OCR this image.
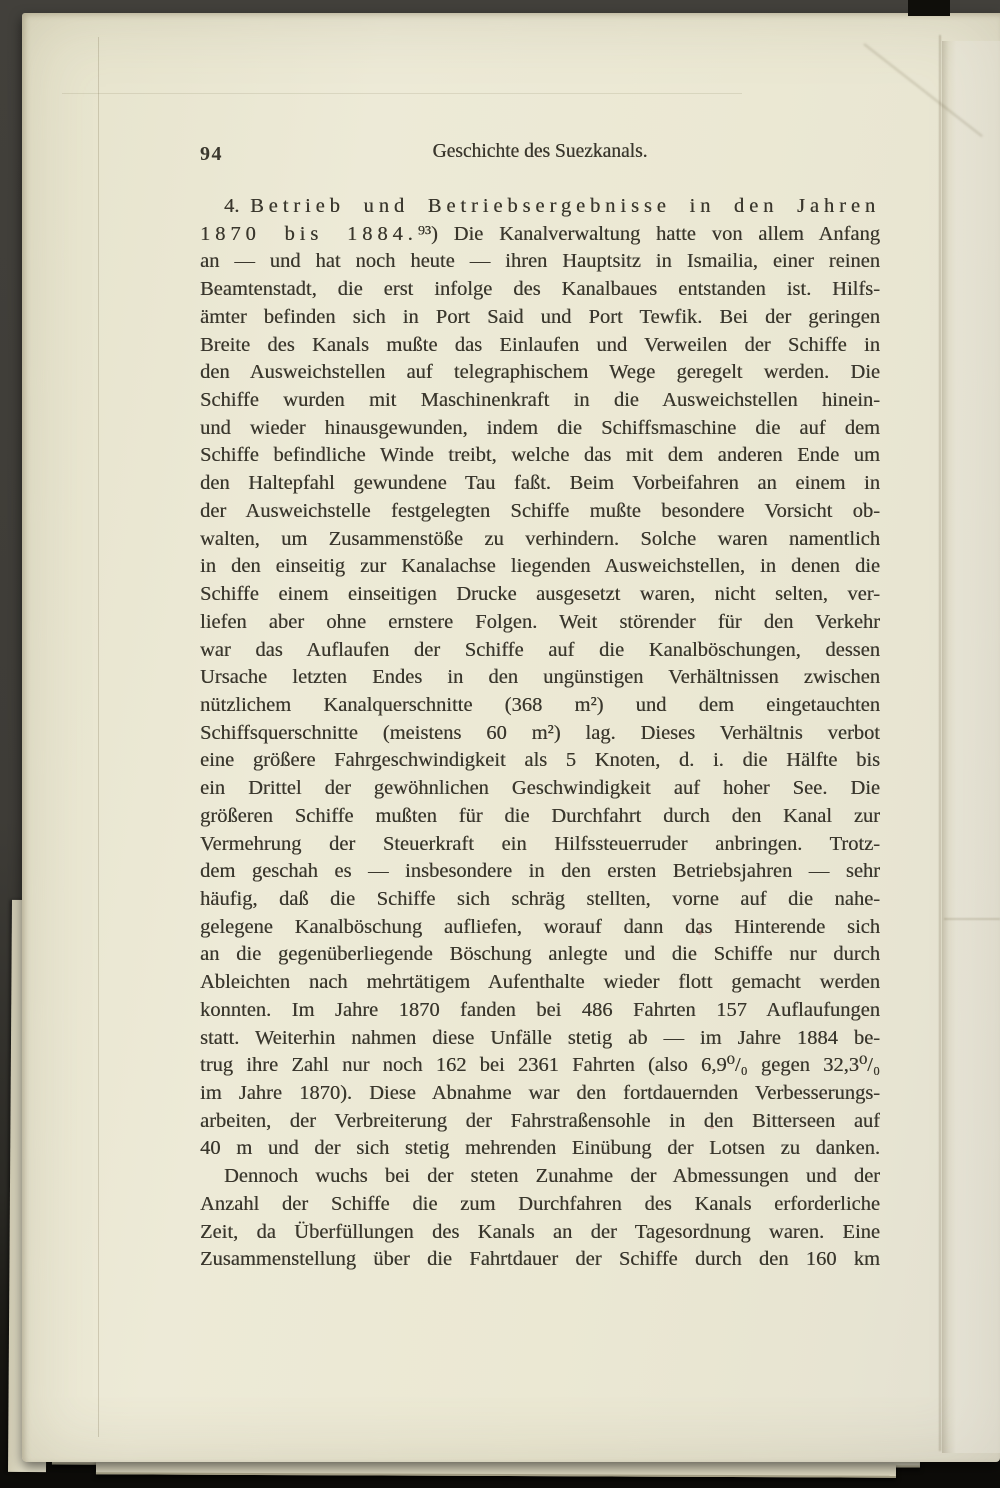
94	Geschichte des Suezkanals.
4. Betrieb und Betriebsergebnisse in den Jahren
1870 bis 1884.⁹³) Die Kanalverwaltung hatte von allem Anfang
an — und hat noch heute — ihren Hauptsitz in Ismailia, einer reinen
Beamtenstadt, die erst infolge des Kanalbaues entstanden ist. Hilfs-
ämter befinden sich in Port Said und Port Tewfik. Bei der geringen
Breite des Kanals mußte das Einlaufen und Verweilen der Schiffe in
den Ausweichstellen auf telegraphischem Wege geregelt werden. Die
Schiffe wurden mit Maschinenkraft in die Ausweichstellen hinein-
und wieder hinausgewunden, indem die Schiffsmaschine die auf dem
Schiffe befindliche Winde treibt, welche das mit dem anderen Ende um
den Haltepfahl gewundene Tau faßt. Beim Vorbeifahren an einem in
der Ausweichstelle festgelegten Schiffe mußte besondere Vorsicht ob-
walten, um Zusammenstöße zu verhindern. Solche waren namentlich
in den einseitig zur Kanalachse liegenden Ausweichstellen, in denen die
Schiffe einem einseitigen Drucke ausgesetzt waren, nicht selten, ver-
liefen aber ohne ernstere Folgen. Weit störender für den Verkehr
war das Auflaufen der Schiffe auf die Kanalböschungen, dessen
Ursache letzten Endes in den ungünstigen Verhältnissen zwischen
nützlichem Kanalquerschnitte (368 m²) und dem eingetauchten
Schiffsquerschnitte (meistens 60 m²) lag. Dieses Verhältnis verbot
eine größere Fahrgeschwindigkeit als 5 Knoten, d. i. die Hälfte bis
ein Drittel der gewöhnlichen Geschwindigkeit auf hoher See. Die
größeren Schiffe mußten für die Durchfahrt durch den Kanal zur
Vermehrung der Steuerkraft ein Hilfssteuerruder anbringen. Trotz-
dem geschah es — insbesondere in den ersten Betriebsjahren — sehr
häufig, daß die Schiffe sich schräg stellten, vorne auf die nahe-
gelegene Kanalböschung aufliefen, worauf dann das Hinterende sich
an die gegenüberliegende Böschung anlegte und die Schiffe nur durch
Ableichten nach mehrtätigem Aufenthalte wieder flott gemacht werden
konnten. Im Jahre 1870 fanden bei 486 Fahrten 157 Auflaufungen
statt. Weiterhin nahmen diese Unfälle stetig ab — im Jahre 1884 be-
trug ihre Zahl nur noch 162 bei 2361 Fahrten (also 6,9⁰/₀ gegen 32,3⁰/₀
im Jahre 1870). Diese Abnahme war den fortdauernden Verbesserungs-
arbeiten, der Verbreiterung der Fahrstraßensohle in den Bitterseen auf
40 m und der sich stetig mehrenden Einübung der Lotsen zu danken.
Dennoch wuchs bei der steten Zunahme der Abmessungen und der
Anzahl der Schiffe die zum Durchfahren des Kanals erforderliche
Zeit, da Überfüllungen des Kanals an der Tagesordnung waren. Eine
Zusammenstellung über die Fahrtdauer der Schiffe durch den 160 km
